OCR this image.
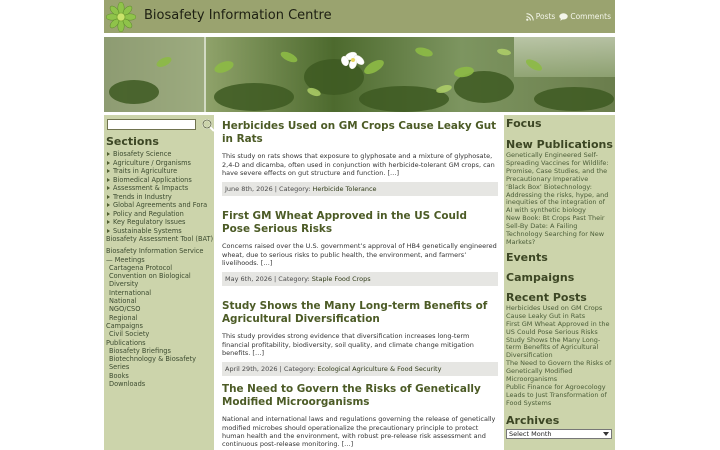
Biosafety Information Centre	Posts Comments
Sections
Biosafety Science
Agriculture / Organisms
Traits in Agriculture
Biomedical Applications
Assessment & Impacts
Trends in Industry
Global Agreements and Fora
Policy and Regulation
Key Regulatory Issues
Sustainable Systems
Biosafety Assessment Tool (BAT)
Biosafety Information Service — Meetings
Cartagena Protocol
Convention on Biological Diversity
International
National
NGO/CSO
Regional
Campaigns
Civil Society
Publications
Biosafety Briefings
Biotechnology & Biosafety Series
Books
Downloads
Herbicides Used on GM Crops Cause Leaky Gut in Rats
This study on rats shows that exposure to glyphosate and a mixture of glyphosate, 2,4-D and dicamba, often used in conjunction with herbicide-tolerant GM crops, can have severe effects on gut structure and function. […]
June 8th, 2026 | Category: Herbicide Tolerance
First GM Wheat Approved in the US Could Pose Serious Risks
Concerns raised over the U.S. government’s approval of HB4 genetically engineered wheat, due to serious risks to public health, the environment, and farmers’ livelihoods. […]
May 6th, 2026 | Category: Staple Food Crops
Study Shows the Many Long-term Benefits of Agricultural Diversification
This study provides strong evidence that diversification increases long-term financial profitability, biodiversity, soil quality, and climate change mitigation benefits. […]
April 29th, 2026 | Category: Ecological Agriculture & Food Security
The Need to Govern the Risks of Genetically Modified Microorganisms
National and international laws and regulations governing the release of genetically modified microbes should operationalize the precautionary principle to protect human health and the environment, with robust pre-release risk assessment and continuous post-release monitoring. […]
Focus
New Publications
Genetically Engineered Self-Spreading Vaccines for Wildlife: Promise, Case Studies, and the Precautionary Imperative
‘Black Box’ Biotechnology: Addressing the risks, hype, and inequities of the integration of AI with synthetic biology
New Book: Bt Crops Past Their Sell-By Date: A Failing Technology Searching for New Markets?
Events
Campaigns
Recent Posts
Herbicides Used on GM Crops Cause Leaky Gut in Rats
First GM Wheat Approved in the US Could Pose Serious Risks
Study Shows the Many Long-term Benefits of Agricultural Diversification
The Need to Govern the Risks of Genetically Modified Microorganisms
Public Finance for Agroecology Leads to Just Transformation of Food Systems
Archives
Select Month
